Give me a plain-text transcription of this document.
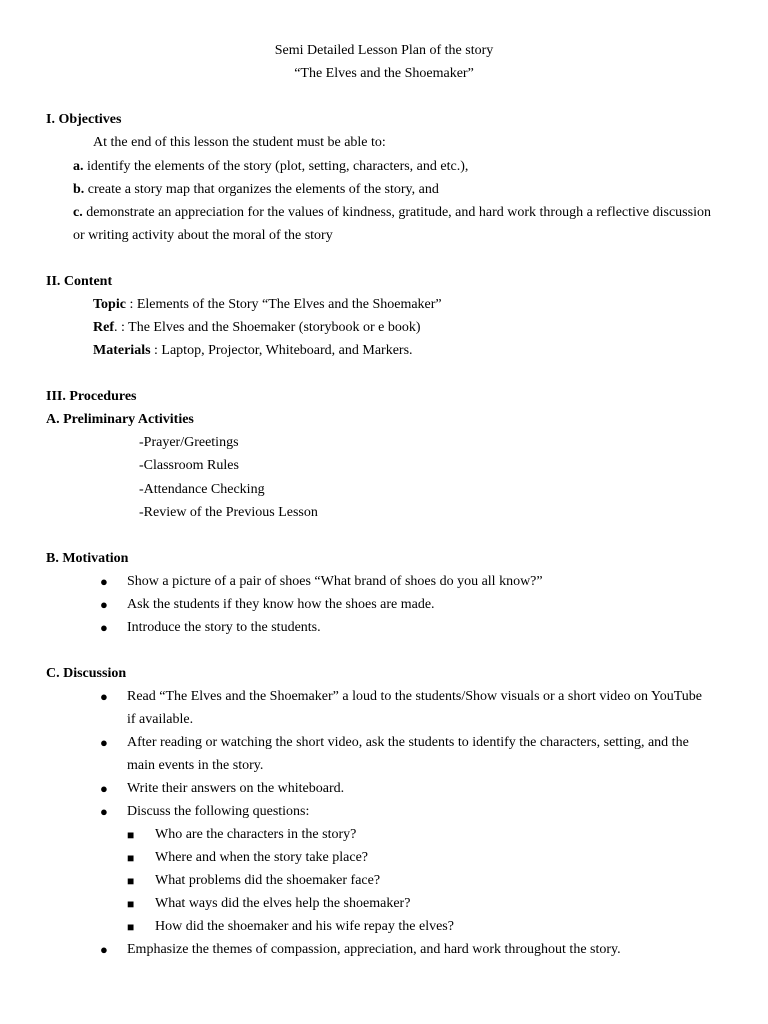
Semi Detailed Lesson Plan of the story
“The Elves and the Shoemaker”
I. Objectives
At the end of this lesson the student must be able to:
a. identify the elements of the story (plot, setting, characters, and etc.),
b. create a story map that organizes the elements of the story, and
c. demonstrate an appreciation for the values of kindness, gratitude, and hard work through a reflective discussion
or writing activity about the moral of the story
II. Content
Topic : Elements of the Story “The Elves and the Shoemaker”
Ref. : The Elves and the Shoemaker (storybook or e book)
Materials : Laptop, Projector, Whiteboard, and Markers.
III. Procedures
A. Preliminary Activities
-Prayer/Greetings
-Classroom Rules
-Attendance Checking
-Review of the Previous Lesson
B. Motivation
● Show a picture of a pair of shoes “What brand of shoes do you all know?”
● Ask the students if they know how the shoes are made.
● Introduce the story to the students.
C. Discussion
● Read “The Elves and the Shoemaker” a loud to the students/Show visuals or a short video on YouTube
if available.
● After reading or watching the short video, ask the students to identify the characters, setting, and the
main events in the story.
● Write their answers on the whiteboard.
● Discuss the following questions:
■ Who are the characters in the story?
■ Where and when the story take place?
■ What problems did the shoemaker face?
■ What ways did the elves help the shoemaker?
■ How did the shoemaker and his wife repay the elves?
● Emphasize the themes of compassion, appreciation, and hard work throughout the story.
